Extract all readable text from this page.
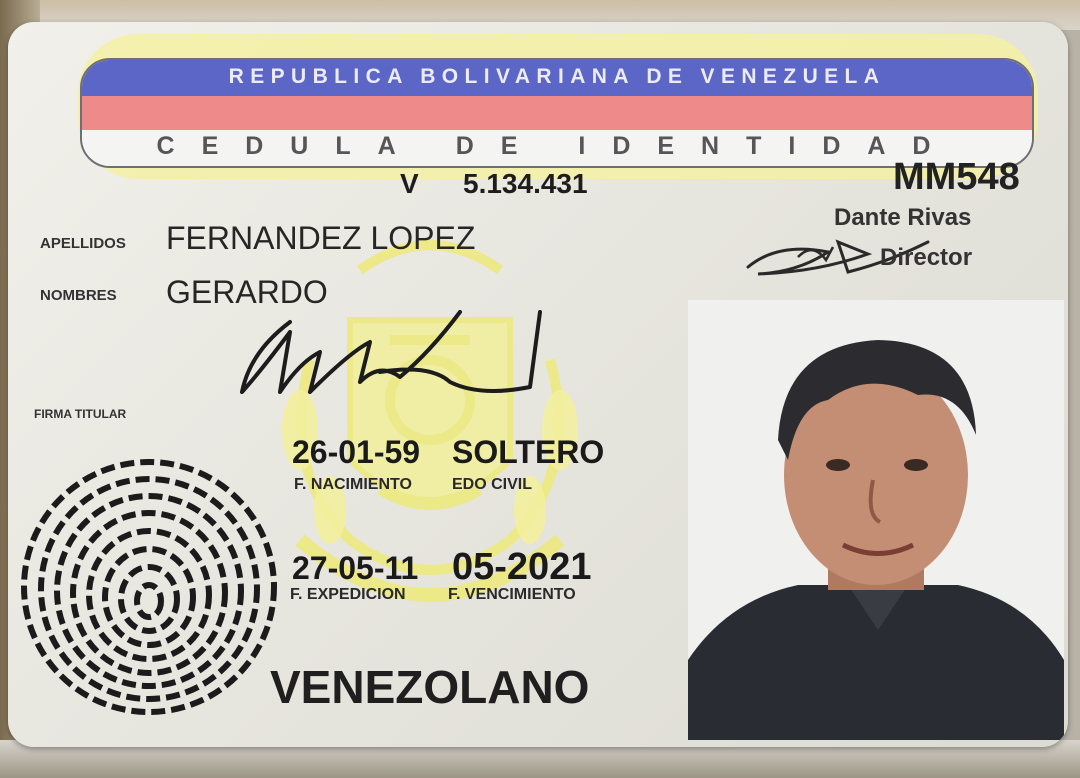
REPUBLICA BOLIVARIANA DE VENEZUELA
CEDULA DE IDENTIDAD
V 5.134.431	MM548
Dante Rivas
Director
APELLIDOS FERNANDEZ LOPEZ
NOMBRES GERARDO
FIRMA TITULAR
26-01-59 SOLTERO
F. NACIMIENTO	EDO CIVIL
27-05-11 05-2021
F. EXPEDICION	F. VENCIMIENTO
VENEZOLANO
